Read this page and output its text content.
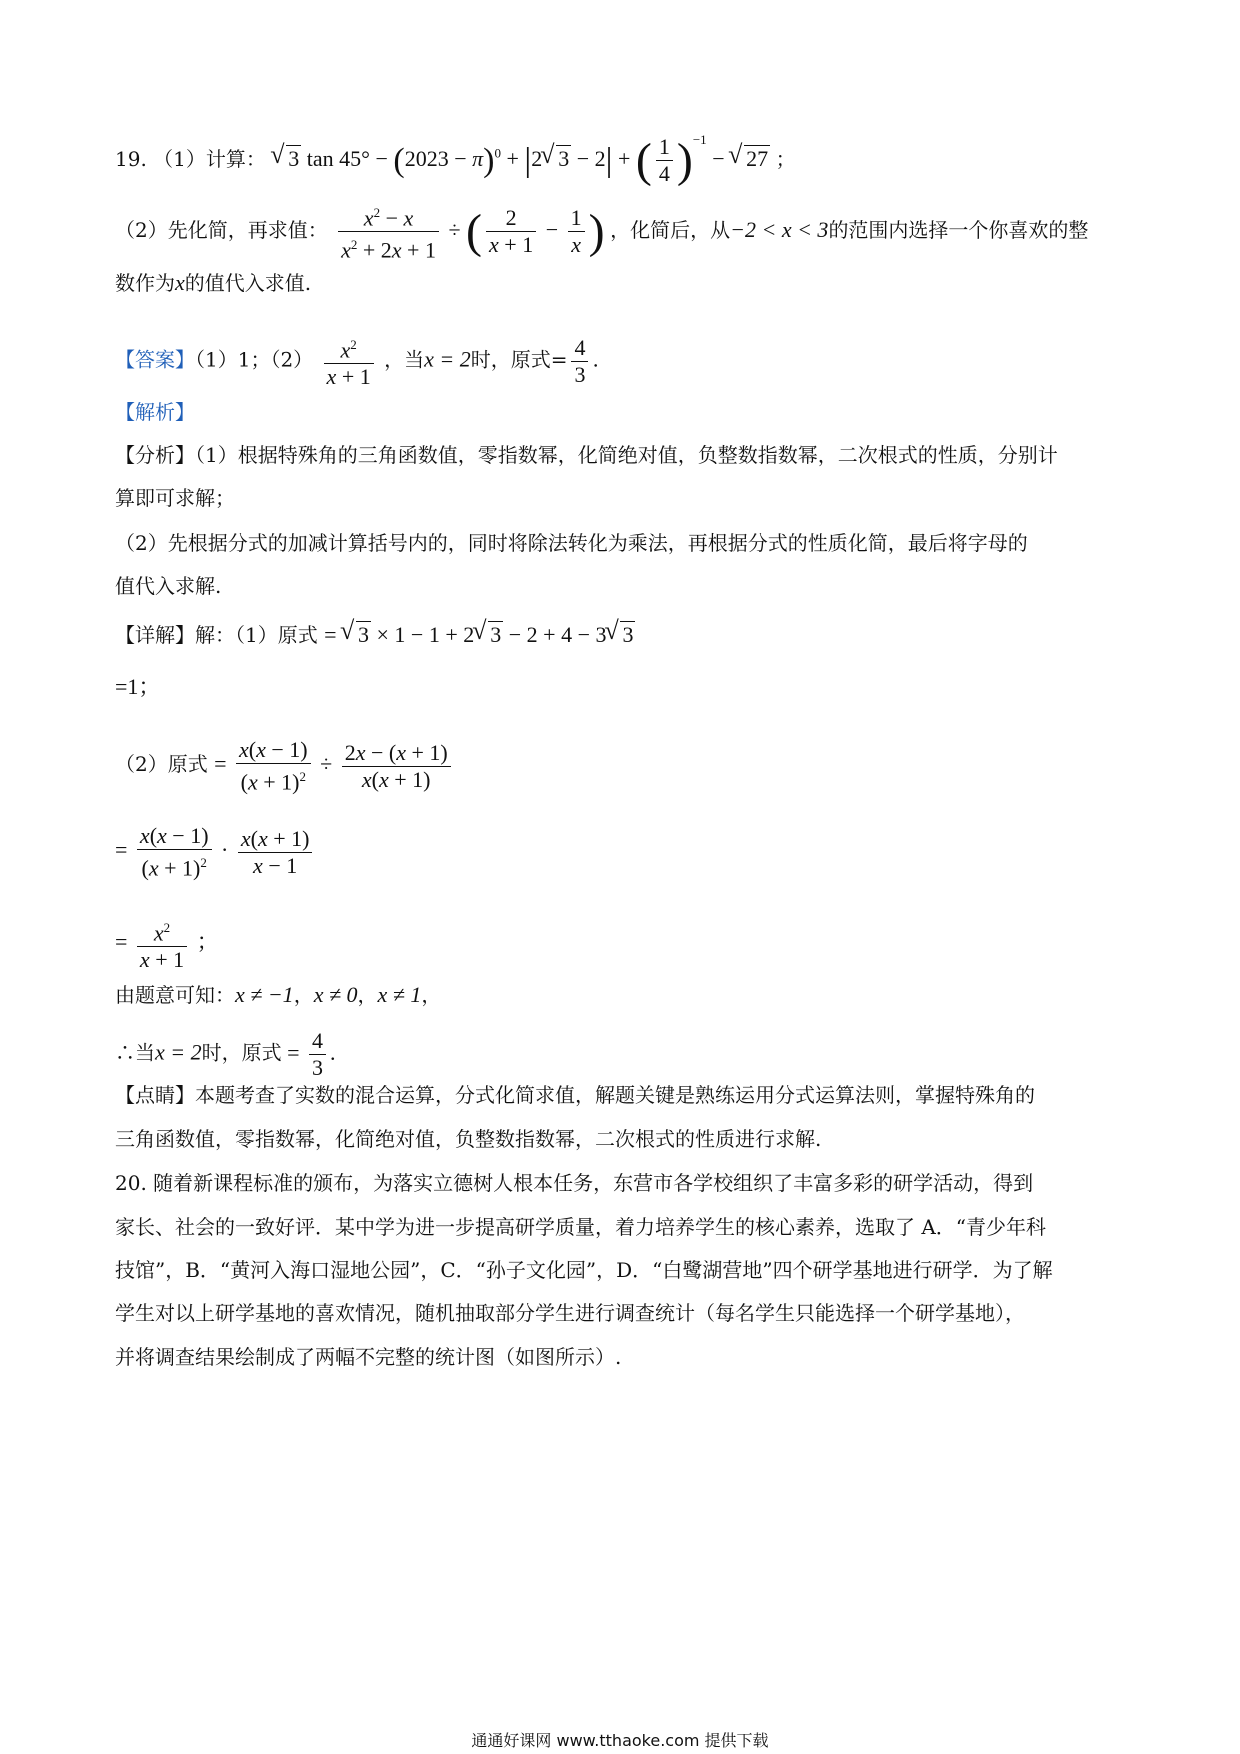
19. （1）计算： √ 3 $\tan 45^\circ - (2023 - \pi)^0 + |2√$ 3 − 2| + ( $\frac{1}{4} )^{-1}$ − √ 27 ；
（2）先化简，再求值： $\frac{x^2 - x}{x^2 + 2x + 1}$ ÷ ( $\frac{2}{x + 1} - \frac{1}{x}$ ) ，化简后，从−2 < x < 3的范围内选择一个你喜欢的整
数作为x的值代入求值.
【答案】（1）1；$(2) \frac{x^2}{x + 1}$ ，当x = 2时，原式= $\frac{4}{3}$ .
【解析】
【分析】（1）根据特殊角的三角函数值，零指数幂，化简绝对值，负整数指数幂，二次根式的性质，分别计
算即可求解；
（2）先根据分式的加减计算括号内的，同时将除法转化为乘法，再根据分式的性质化简，最后将字母的
值代入求解.
【详解】解：（1）原式 = √ 3 × 1 − 1 + 2√ 3 − 2 + 4 − 3√ 3
=1；
（2）原式 = $\frac{x(x - 1)}{(x + 1)^2} \div \frac{2x - (x + 1)}{x(x + 1)}$
= $\frac{x(x - 1)}{(x + 1)^2} \cdot \frac{x(x + 1)}{x - 1}$
= $\frac{x^2}{x + 1}$ ；
由题意可知：x ≠ −1，x ≠ 0，x ≠ 1，
∴当x = 2时，原式 = $\frac{4}{3}$ .
【点睛】本题考查了实数的混合运算，分式化简求值，解题关键是熟练运用分式运算法则，掌握特殊角的
三角函数值，零指数幂，化简绝对值，负整数指数幂，二次根式的性质进行求解.
20. 随着新课程标准的颁布，为落实立德树人根本任务，东营市各学校组织了丰富多彩的研学活动，得到
家长、社会的一致好评．某中学为进一步提高研学质量，着力培养学生的核心素养，选取了 A．“青少年科
技馆”，B．“黄河入海口湿地公园”，C．“孙子文化园”，D．“白鹭湖营地”四个研学基地进行研学．为了解
学生对以上研学基地的喜欢情况，随机抽取部分学生进行调查统计（每名学生只能选择一个研学基地），
并将调查结果绘制成了两幅不完整的统计图（如图所示）.
通通好课网 www.tthaoke.com 提供下载
